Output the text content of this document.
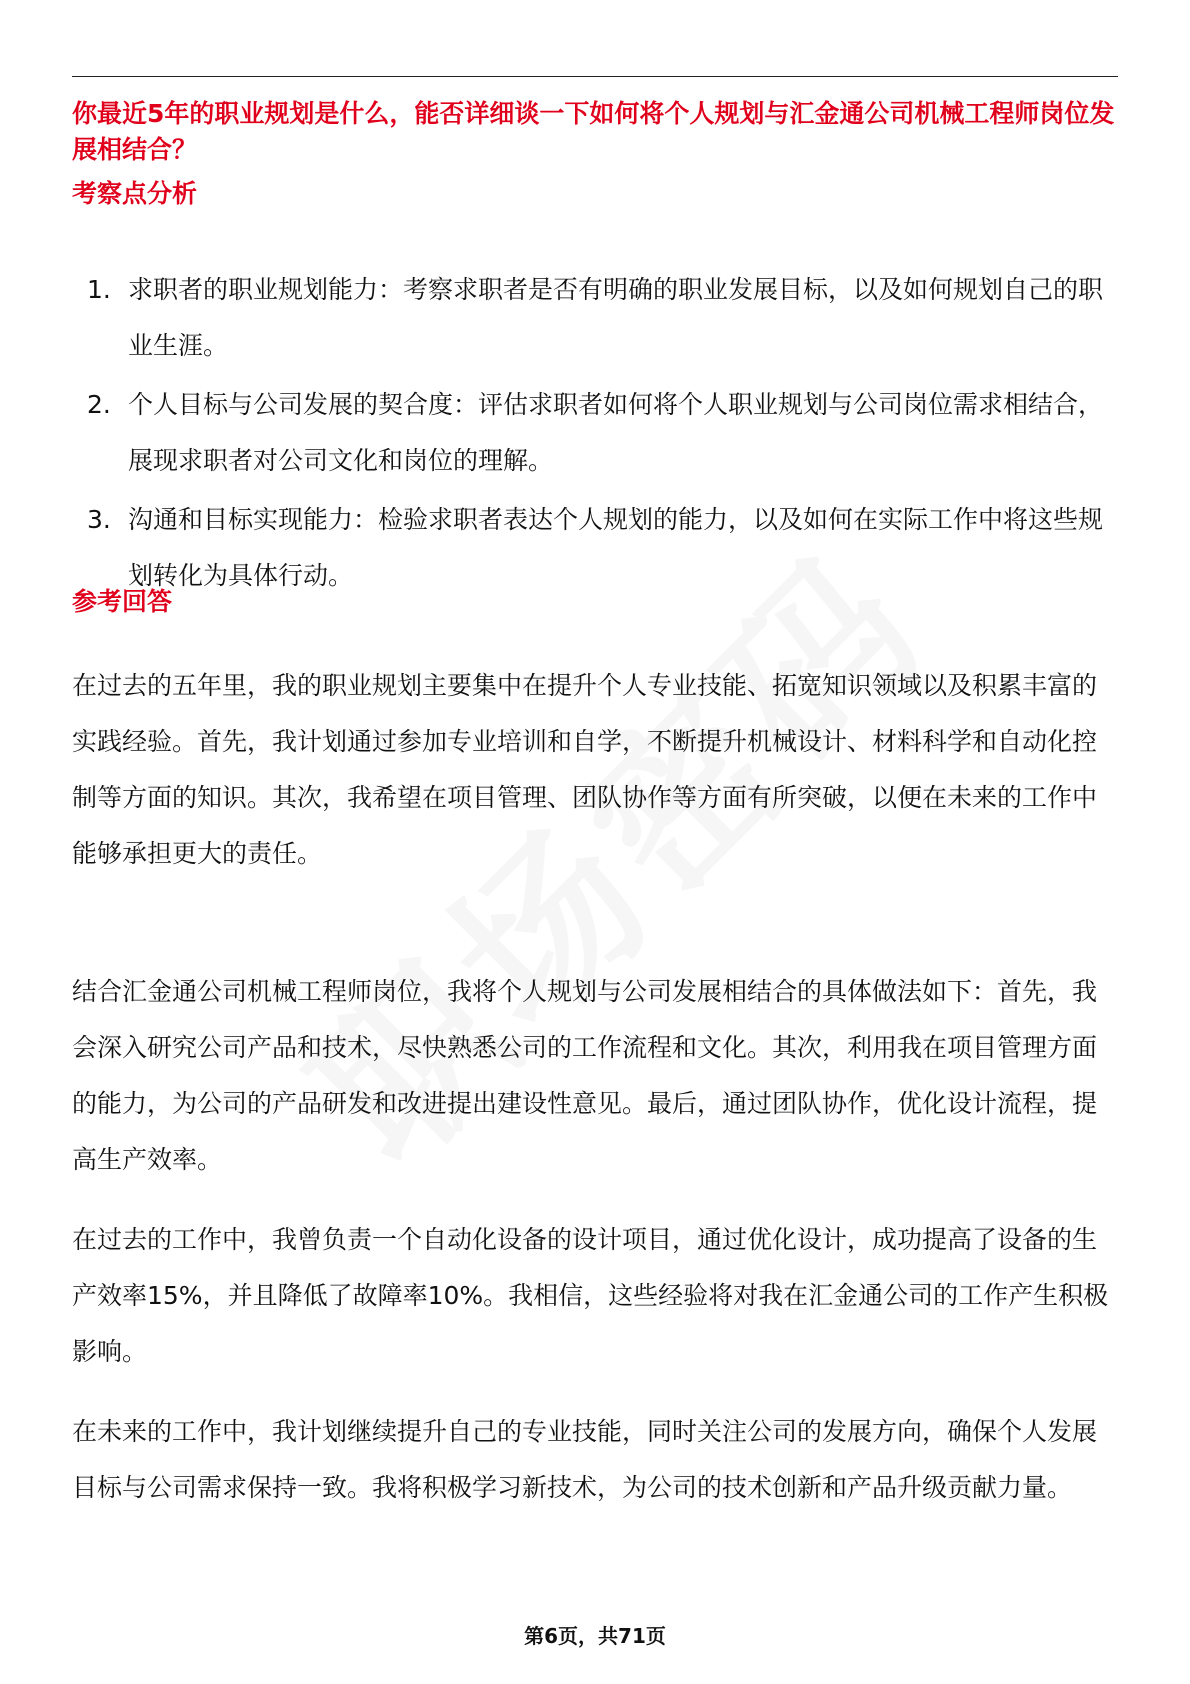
你最近5年的职业规划是什么，能否详细谈一下如何将个人规划与汇金通公司机械工程师岗位发展相结合？
考察点分析
1. 求职者的职业规划能力：考察求职者是否有明确的职业发展目标，以及如何规划自己的职业生涯。
2. 个人目标与公司发展的契合度：评估求职者如何将个人职业规划与公司岗位需求相结合，展现求职者对公司文化和岗位的理解。
3. 沟通和目标实现能力：检验求职者表达个人规划的能力，以及如何在实际工作中将这些规划转化为具体行动。
参考回答

在过去的五年里，我的职业规划主要集中在提升个人专业技能、拓宽知识领域以及积累丰富的实践经验。首先，我计划通过参加专业培训和自学，不断提升机械设计、材料科学和自动化控制等方面的知识。其次，我希望在项目管理、团队协作等方面有所突破，以便在未来的工作中能够承担更大的责任。

结合汇金通公司机械工程师岗位，我将个人规划与公司发展相结合的具体做法如下：首先，我会深入研究公司产品和技术，尽快熟悉公司的工作流程和文化。其次，利用我在项目管理方面的能力，为公司的产品研发和改进提出建设性意见。最后，通过团队协作，优化设计流程，提高生产效率。

在过去的工作中，我曾负责一个自动化设备的设计项目，通过优化设计，成功提高了设备的生产效率15%，并且降低了故障率10%。我相信，这些经验将对我在汇金通公司的工作产生积极影响。

在未来的工作中，我计划继续提升自己的专业技能，同时关注公司的发展方向，确保个人发展目标与公司需求保持一致。我将积极学习新技术，为公司的技术创新和产品升级贡献力量。

第6页，共71页
